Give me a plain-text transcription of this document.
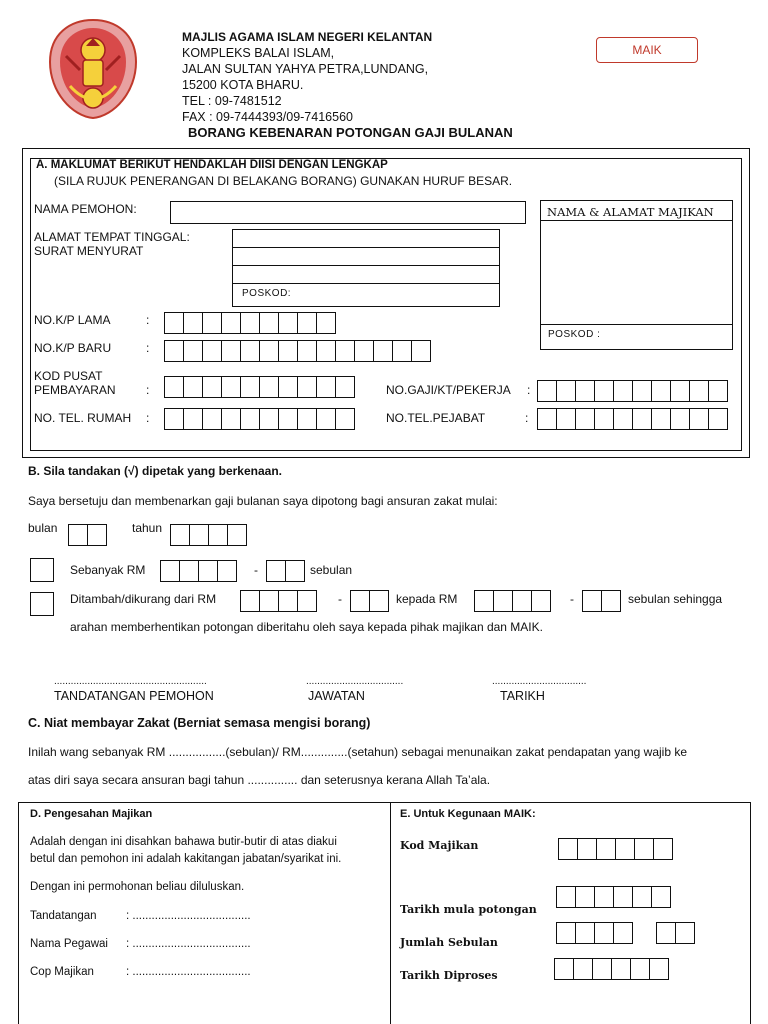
MAJLIS AGAMA ISLAM NEGERI KELANTAN
KOMPLEKS BALAI ISLAM,
JALAN SULTAN YAHYA PETRA,LUNDANG,
15200 KOTA BHARU.
TEL : 09-7481512
FAX : 09-7444393/09-7416560
MAIK
BORANG KEBENARAN POTONGAN GAJI BULANAN
A. MAKLUMAT BERIKUT HENDAKLAH DIISI DENGAN LENGKAP
(SILA RUJUK PENERANGAN DI BELAKANG BORANG) GUNAKAN HURUF BESAR.
NAMA PEMOHON:
ALAMAT TEMPAT TINGGAL:
SURAT MENYURAT
POSKOD:
NAMA & ALAMAT MAJIKAN
POSKOD :
NO.K/P LAMA	:
NO.K/P BARU	:
KOD PUSAT
PEMBAYARAN	:	NO.GAJI/KT/PEKERJA :
NO. TEL. RUMAH :	NO.TEL.PEJABAT	:
B. Sila tandakan (√) dipetak yang berkenaan.
Saya bersetuju dan membenarkan gaji bulanan saya dipotong bagi ansuran zakat mulai:
bulan	tahun
Sebanyak RM	-	sebulan
Ditambah/dikurang dari RM	-	kepada RM	-	sebulan sehingga
arahan memberhentikan potongan diberitahu oleh saya kepada pihak majikan dan MAIK.
.......................................................	...................................	..................................
TANDATANGAN PEMOHON	JAWATAN	TARIKH
C. Niat membayar Zakat (Berniat semasa mengisi borang)
Inilah wang sebanyak RM .................(sebulan)/ RM..............(setahun) sebagai menunaikan zakat pendapatan yang wajib ke
atas diri saya secara ansuran bagi tahun ............... dan seterusnya kerana Allah Ta’ala.
D. Pengesahan Majikan
Adalah dengan ini disahkan bahawa butir-butir di atas diakui
betul dan pemohon ini adalah kakitangan jabatan/syarikat ini.
Dengan ini permohonan beliau diluluskan.
Tandatangan	: .....................................
Nama Pegawai : .....................................
Cop Majikan	: .....................................
E. Untuk Kegunaan MAIK:
Kod Majikan
Tarikh mula potongan
Jumlah Sebulan
Tarikh Diproses
